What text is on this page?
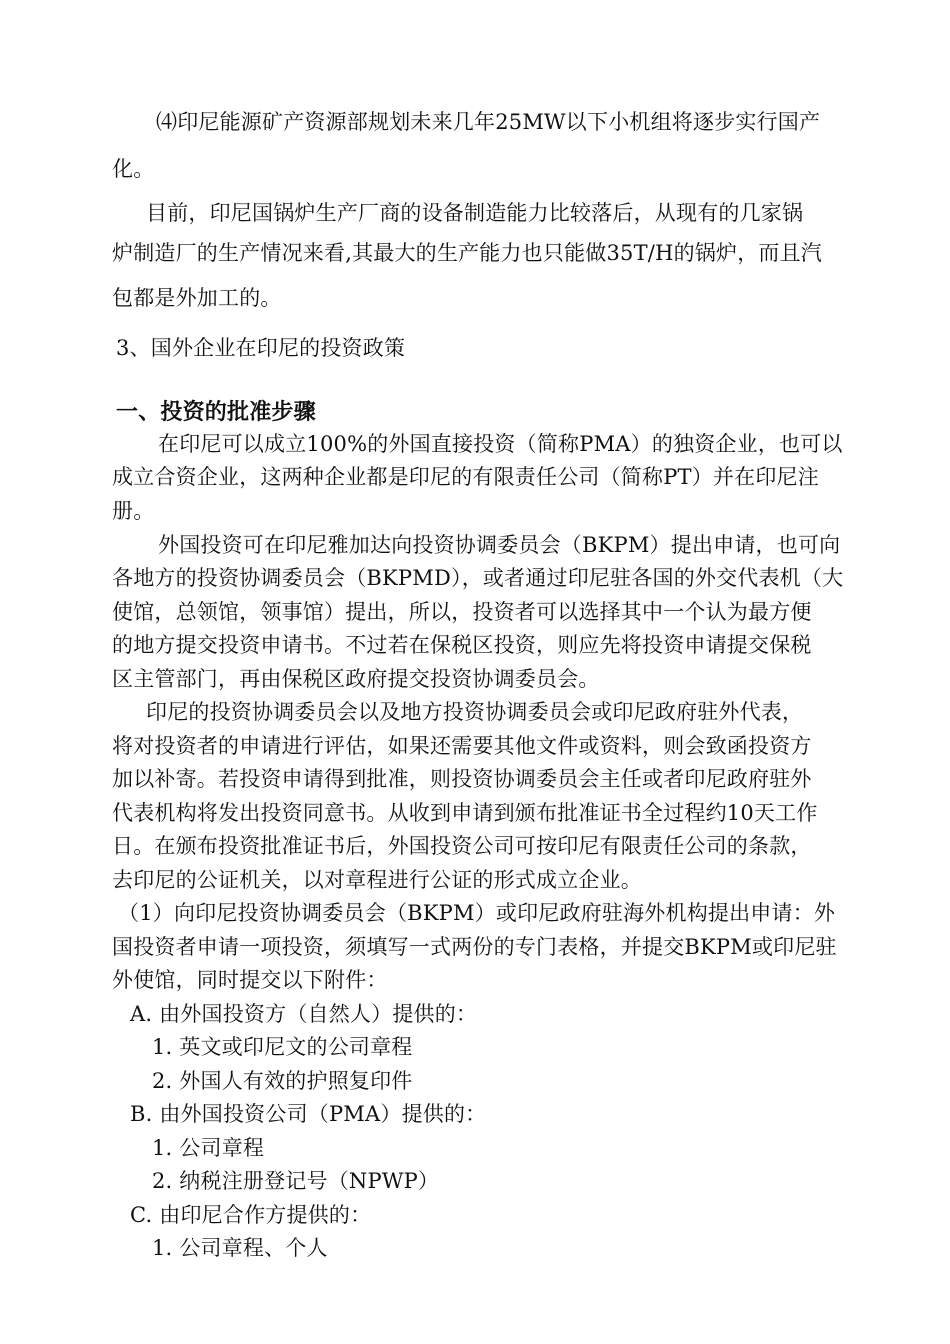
⑷印尼能源矿产资源部规划未来几年25MW以下小机组将逐步实行国产
化。
目前，印尼国锅炉生产厂商的设备制造能力比较落后，从现有的几家锅
炉制造厂的生产情况来看,其最大的生产能力也只能做35T/H的锅炉，而且汽
包都是外加工的。
3、国外企业在印尼的投资政策
一、投资的批准步骤
在印尼可以成立100%的外国直接投资（简称PMA）的独资企业，也可以
成立合资企业，这两种企业都是印尼的有限责任公司（简称PT）并在印尼注
册。
外国投资可在印尼雅加达向投资协调委员会（BKPM）提出申请，也可向
各地方的投资协调委员会（BKPMD），或者通过印尼驻各国的外交代表机（大
使馆，总领馆，领事馆）提出，所以，投资者可以选择其中一个认为最方便
的地方提交投资申请书。不过若在保税区投资，则应先将投资申请提交保税
区主管部门，再由保税区政府提交投资协调委员会。
印尼的投资协调委员会以及地方投资协调委员会或印尼政府驻外代表，
将对投资者的申请进行评估，如果还需要其他文件或资料，则会致函投资方
加以补寄。若投资申请得到批准，则投资协调委员会主任或者印尼政府驻外
代表机构将发出投资同意书。从收到申请到颁布批准证书全过程约10天工作
日。在颁布投资批准证书后，外国投资公司可按印尼有限责任公司的条款，
去印尼的公证机关，以对章程进行公证的形式成立企业。
（1）向印尼投资协调委员会（BKPM）或印尼政府驻海外机构提出申请：外
国投资者申请一项投资，须填写一式两份的专门表格，并提交BKPM或印尼驻
外使馆，同时提交以下附件：
A. 由外国投资方（自然人）提供的：
1. 英文或印尼文的公司章程
2. 外国人有效的护照复印件
B. 由外国投资公司（PMA）提供的：
1. 公司章程
2. 纳税注册登记号（NPWP）
C. 由印尼合作方提供的：
1. 公司章程、个人
